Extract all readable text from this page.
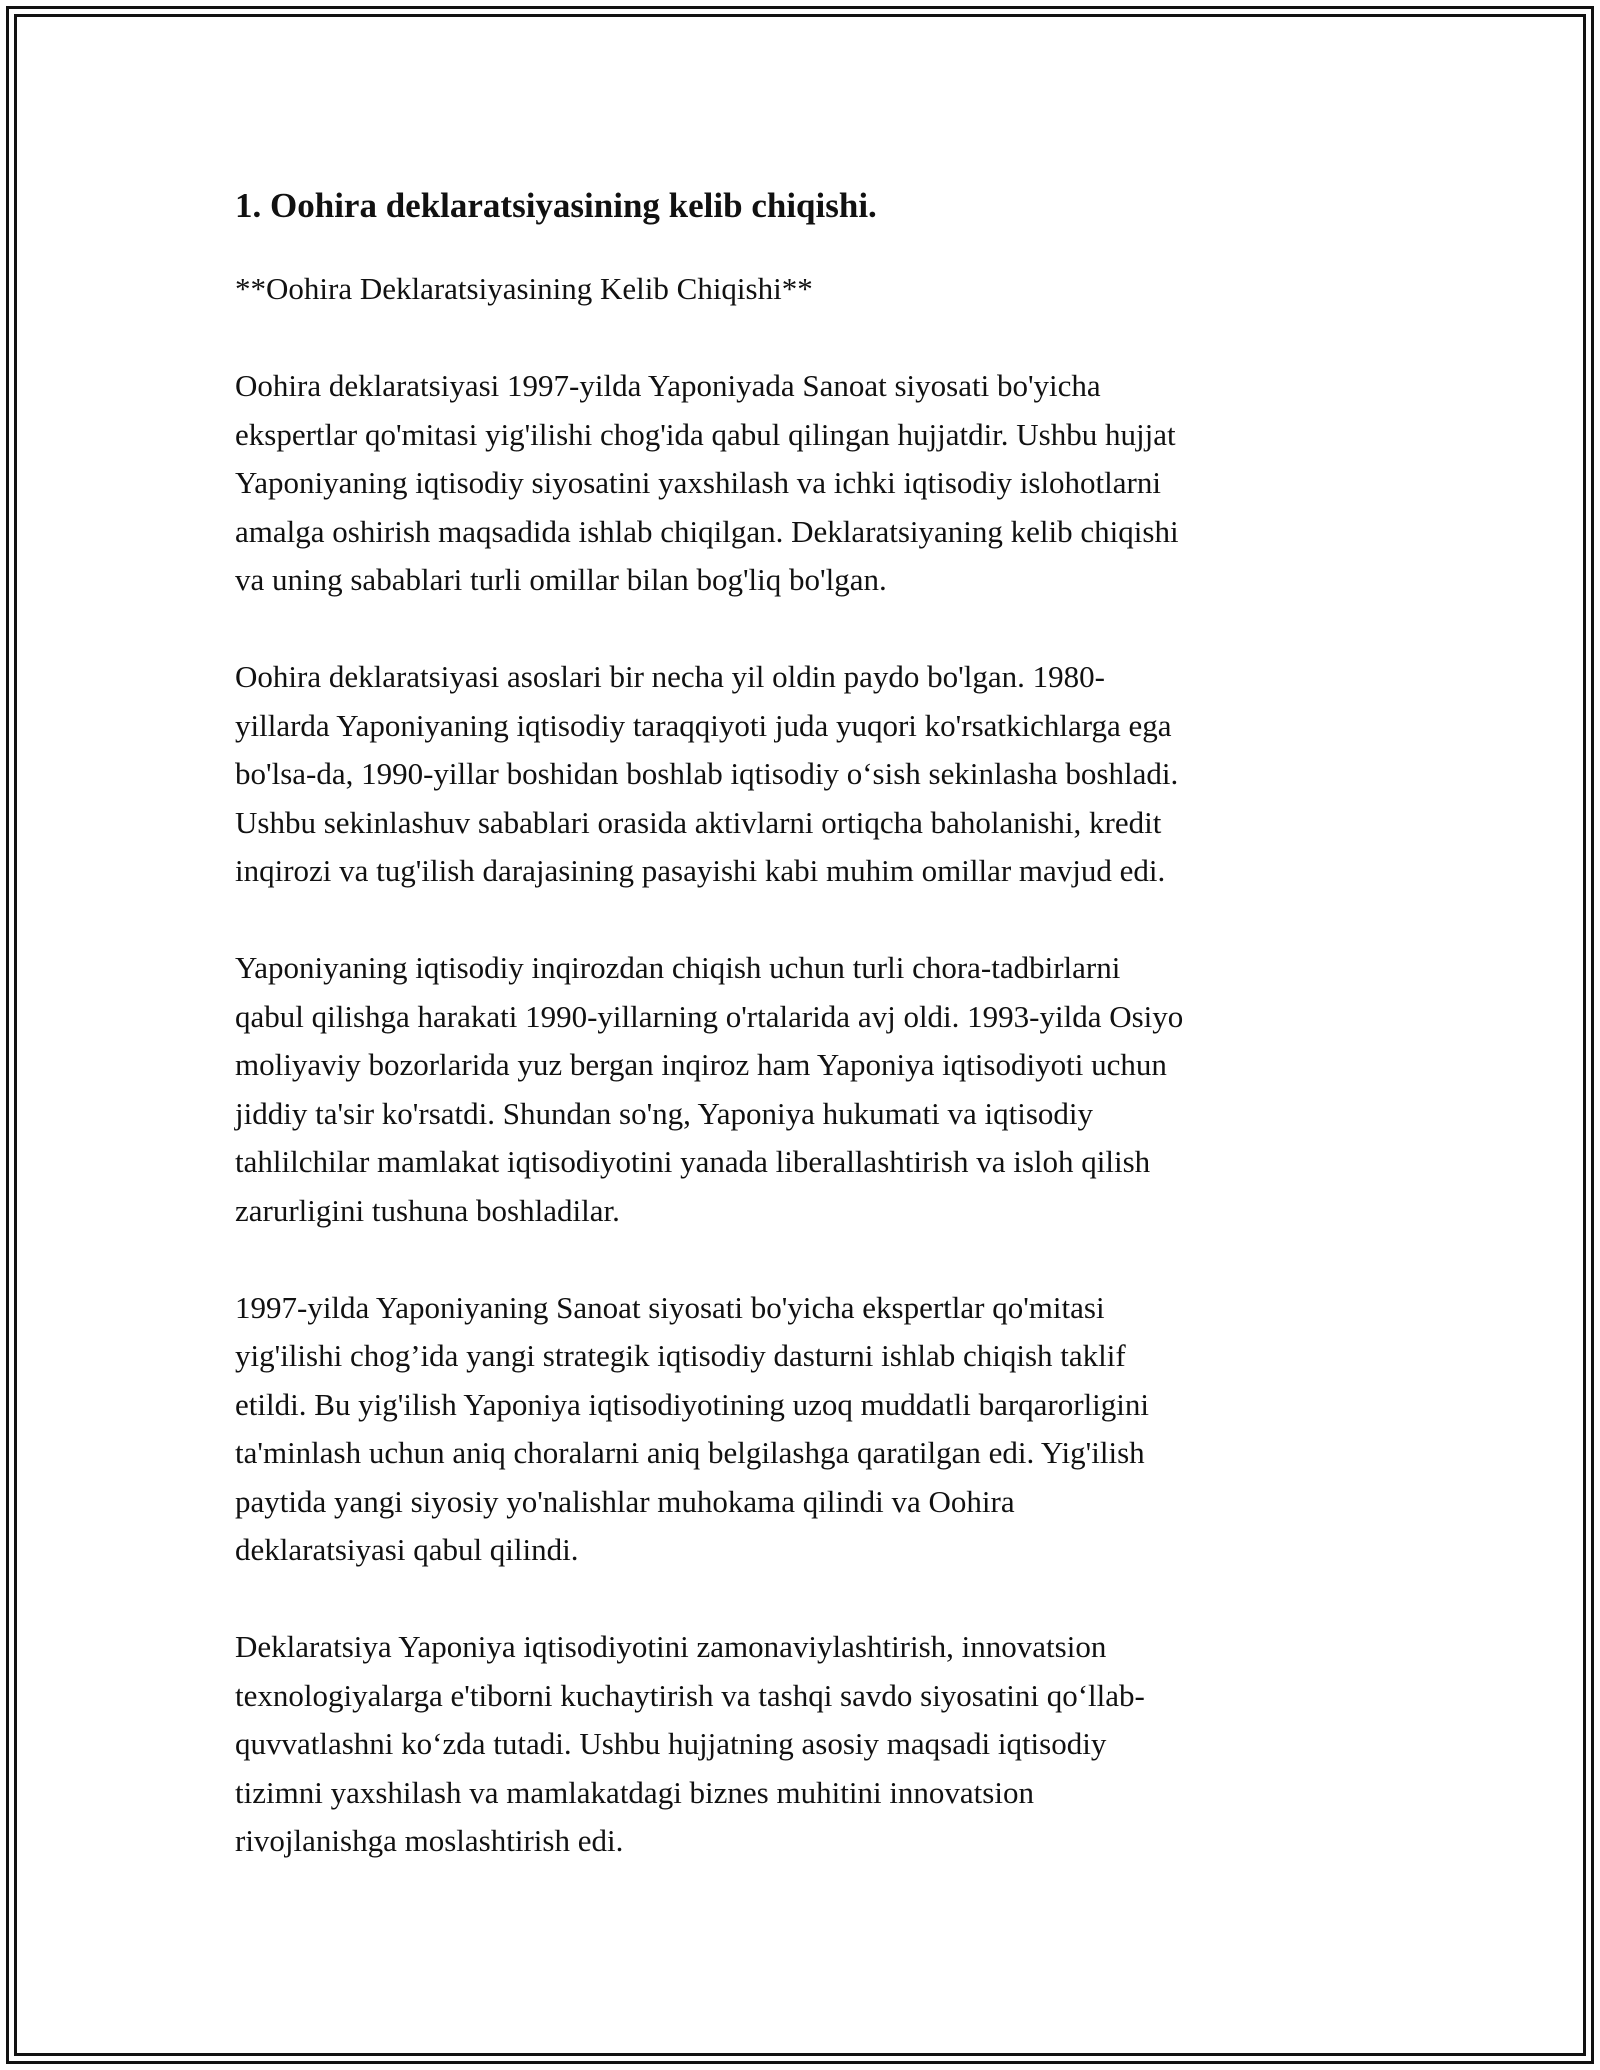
1. Oohira deklaratsiyasining kelib chiqishi.

**Oohira Deklaratsiyasining Kelib Chiqishi**

Oohira deklaratsiyasi 1997-yilda Yaponiyada Sanoat siyosati bo'yicha
ekspertlar qo'mitasi yig'ilishi chog'ida qabul qilingan hujjatdir. Ushbu hujjat
Yaponiyaning iqtisodiy siyosatini yaxshilash va ichki iqtisodiy islohotlarni
amalga oshirish maqsadida ishlab chiqilgan. Deklaratsiyaning kelib chiqishi
va uning sabablari turli omillar bilan bog'liq bo'lgan.
Oohira deklaratsiyasi asoslari bir necha yil oldin paydo bo'lgan. 1980-
yillarda Yaponiyaning iqtisodiy taraqqiyoti juda yuqori ko'rsatkichlarga ega
bo'lsa-da, 1990-yillar boshidan boshlab iqtisodiy o‘sish sekinlasha boshladi.
Ushbu sekinlashuv sabablari orasida aktivlarni ortiqcha baholanishi, kredit
inqirozi va tug'ilish darajasining pasayishi kabi muhim omillar mavjud edi.
Yaponiyaning iqtisodiy inqirozdan chiqish uchun turli chora-tadbirlarni
qabul qilishga harakati 1990-yillarning o'rtalarida avj oldi. 1993-yilda Osiyo
moliyaviy bozorlarida yuz bergan inqiroz ham Yaponiya iqtisodiyoti uchun
jiddiy ta'sir ko'rsatdi. Shundan so'ng, Yaponiya hukumati va iqtisodiy
tahlilchilar mamlakat iqtisodiyotini yanada liberallashtirish va isloh qilish
zarurligini tushuna boshladilar.
1997-yilda Yaponiyaning Sanoat siyosati bo'yicha ekspertlar qo'mitasi
yig'ilishi chog’ida yangi strategik iqtisodiy dasturni ishlab chiqish taklif
etildi. Bu yig'ilish Yaponiya iqtisodiyotining uzoq muddatli barqarorligini
ta'minlash uchun aniq choralarni aniq belgilashga qaratilgan edi. Yig'ilish
paytida yangi siyosiy yo'nalishlar muhokama qilindi va Oohira
deklaratsiyasi qabul qilindi.
Deklaratsiya Yaponiya iqtisodiyotini zamonaviylashtirish, innovatsion
texnologiyalarga e'tiborni kuchaytirish va tashqi savdo siyosatini qo‘llab-
quvvatlashni ko‘zda tutadi. Ushbu hujjatning asosiy maqsadi iqtisodiy
tizimni yaxshilash va mamlakatdagi biznes muhitini innovatsion
rivojlanishga moslashtirish edi.
